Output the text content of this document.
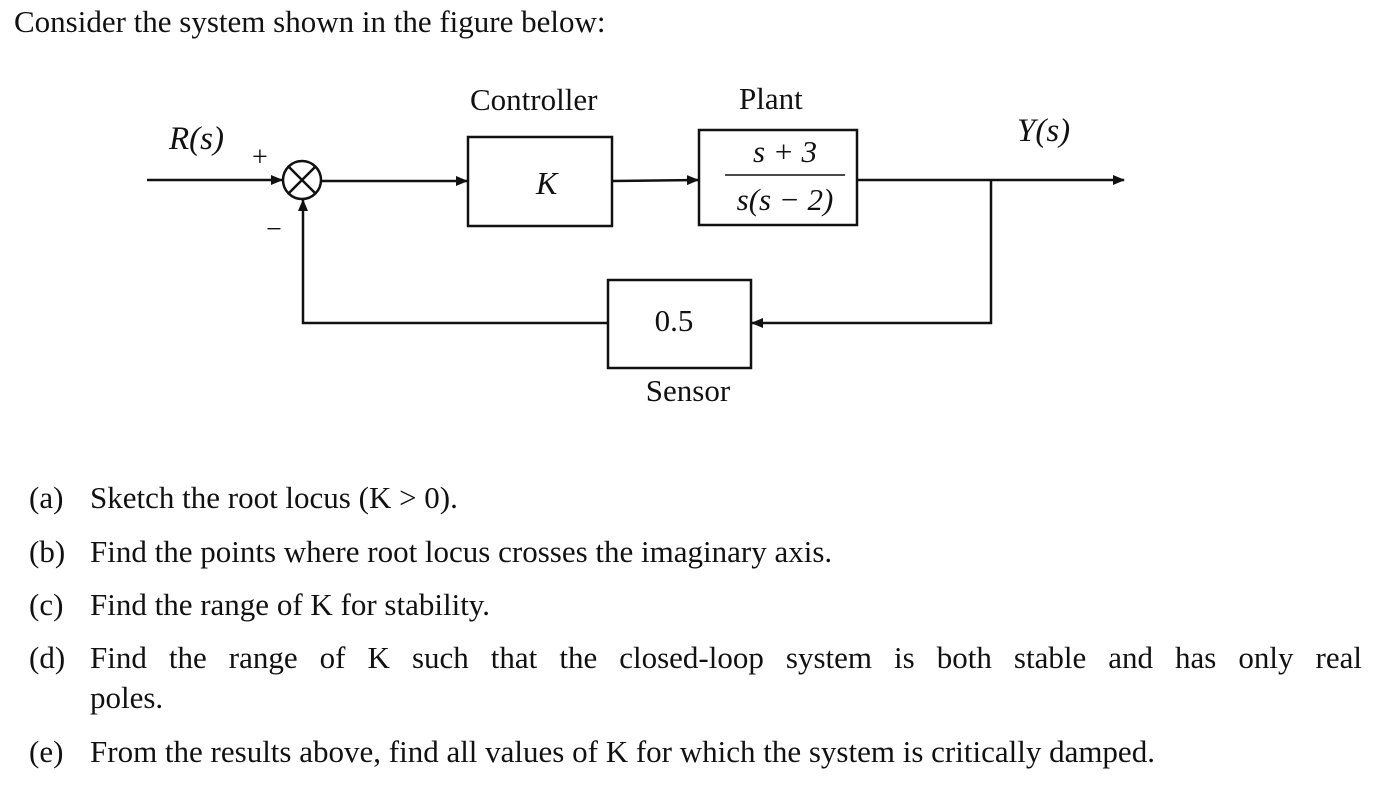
Consider the system shown in the figure below:
R(s)	Y(s)
+
−
Controller
K
Plant
s + 3
s(s − 2)
0.5
Sensor
(a) Sketch the root locus (K > 0).
(b) Find the points where root locus crosses the imaginary axis.
(c) Find the range of K for stability.
(d) Find the range of K such that the closed-loop system is both stable and has only real
poles.
(e) From the results above, find all values of K for which the system is critically damped.
